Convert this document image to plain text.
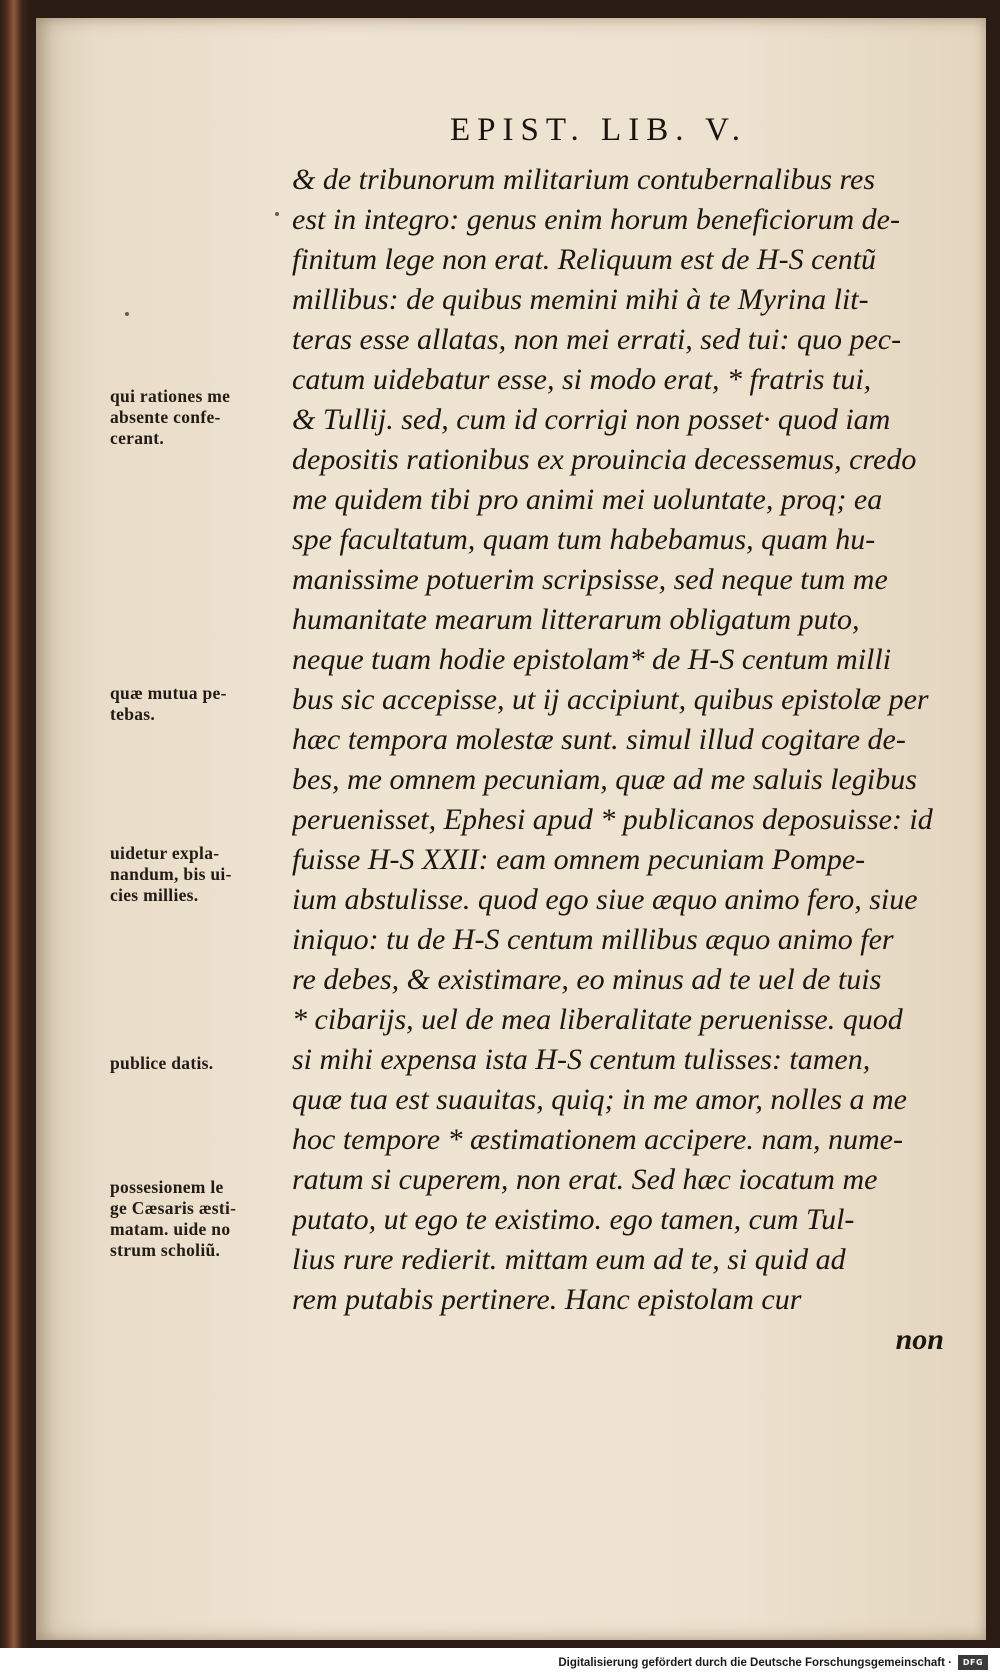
EPIST. LIB. V.
& de tribunorum militarium contubernalibus res
est in integro: genus enim horum beneficiorum de-
finitum lege non erat. Reliquum est de H-S centũ
millibus: de quibus memini mihi à te Myrina lit-
teras esse allatas, non mei errati, sed tui: quo pec-
catum uidebatur esse, si modo erat, * fratris tui,
& Tullij. sed, cum id corrigi non posset· quod iam
depositis rationibus ex prouincia decessemus, credo
me quidem tibi pro animi mei uoluntate, proq; ea
spe facultatum, quam tum habebamus, quam hu-
manissime potuerim scripsisse, sed neque tum me
humanitate mearum litterarum obligatum puto,
neque tuam hodie epistolam* de H-S centum milli
bus sic accepisse, ut ij accipiunt, quibus epistolæ per
hæc tempora molestæ sunt. simul illud cogitare de-
bes, me omnem pecuniam, quæ ad me saluis legibus
peruenisset, Ephesi apud * publicanos deposuisse: id
fuisse H-S XXII: eam omnem pecuniam Pompe-
ium abstulisse. quod ego siue æquo animo fero, siue
iniquo: tu de H-S centum millibus æquo animo fer
re debes, & existimare, eo minus ad te uel de tuis
* cibarijs, uel de mea liberalitate peruenisse. quod
si mihi expensa ista H-S centum tulisses: tamen,
quæ tua est suauitas, quiq; in me amor, nolles a me
hoc tempore * æstimationem accipere. nam, nume-
ratum si cuperem, non erat. Sed hæc iocatum me
putato, ut ego te existimo. ego tamen, cum Tul-
lius rure redierit. mittam eum ad te, si quid ad
rem putabis pertinere. Hanc epistolam cur
non
qui rationes me
absente confe-
cerant.
quæ mutua pe-
tebas.
uidetur expla-
nandum, bis ui-
cies millies.
publice datis.
possesionem le
ge Cæsaris æsti-
matam. uide no
strum scholiũ.
Digitalisierung gefördert durch die Deutsche Forschungsgemeinschaft ·	DFG
